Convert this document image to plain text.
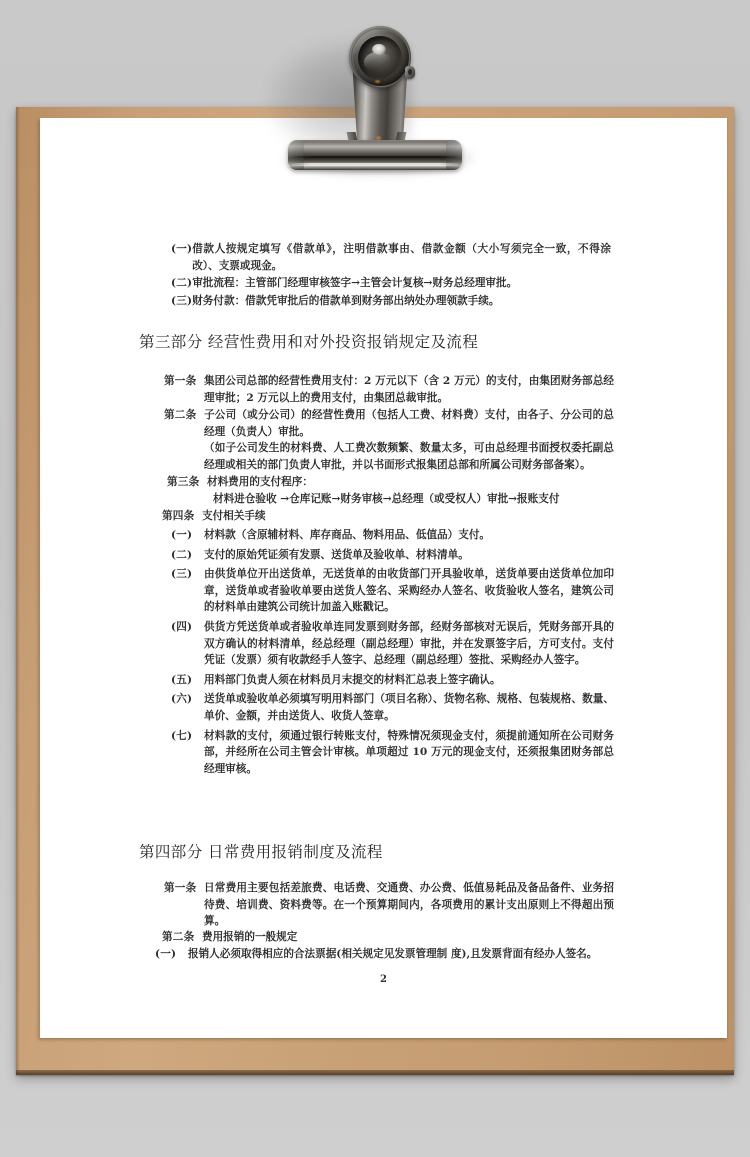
(一) 借款人按规定填写《借款单》，注明借款事由、借款金额（大小写须完全一致，不得涂改）、支票或现金。
(二) 审批流程：主管部门经理审核签字→主管会计复核→财务总经理审批。
(三) 财务付款：借款凭审批后的借款单到财务部出纳处办理领款手续。
第三部分 经营性费用和对外投资报销规定及流程
第一条 集团公司总部的经营性费用支付：2 万元以下（含 2 万元）的支付，由集团财务部总经理审批；2 万元以上的费用支付，由集团总裁审批。
第二条 子公司（或分公司）的经营性费用（包括人工费、材料费）支付，由各子、分公司的总经理（负责人）审批。
（如子公司发生的材料费、人工费次数频繁、数量太多，可由总经理书面授权委托副总经理或相关的部门负责人审批，并以书面形式报集团总部和所属公司财务部备案）。
第三条 材料费用的支付程序：
材料进仓验收 →仓库记账→财务审核→总经理（或受权人）审批→报账支付
第四条 支付相关手续
(一)	材料款（含原辅材料、库存商品、物料用品、低值品）支付。
(二)	支付的原始凭证须有发票、送货单及验收单、材料清单。
(三)	由供货单位开出送货单，无送货单的由收货部门开具验收单，送货单要由送货单位加印章，送货单或者验收单要由送货人签名、采购经办人签名、收货验收人签名，建筑公司的材料单由建筑公司统计加盖入账戳记。
(四)	供货方凭送货单或者验收单连同发票到财务部，经财务部核对无误后，凭财务部开具的双方确认的材料清单，经总经理（副总经理）审批，并在发票签字后，方可支付。支付凭证（发票）须有收款经手人签字、总经理（副总经理）签批、采购经办人签字。
(五)	用料部门负责人须在材料员月末提交的材料汇总表上签字确认。
(六)	送货单或验收单必须填写明用料部门（项目名称）、货物名称、规格、包装规格、数量、单价、金额，并由送货人、收货人签章。
(七)	材料款的支付，须通过银行转账支付，特殊情况须现金支付，须提前通知所在公司财务部，并经所在公司主管会计审核。单项超过 10 万元的现金支付，还须报集团财务部总经理审核。
第四部分 日常费用报销制度及流程
第一条 日常费用主要包括差旅费、电话费、交通费、办公费、低值易耗品及备品备件、业务招待费、培训费、资料费等。在一个预算期间内，各项费用的累计支出原则上不得超出预算。
第二条 费用报销的一般规定
(一)	报销人必须取得相应的合法票据(相关规定见发票管理制 度),且发票背面有经办人签名。
2
